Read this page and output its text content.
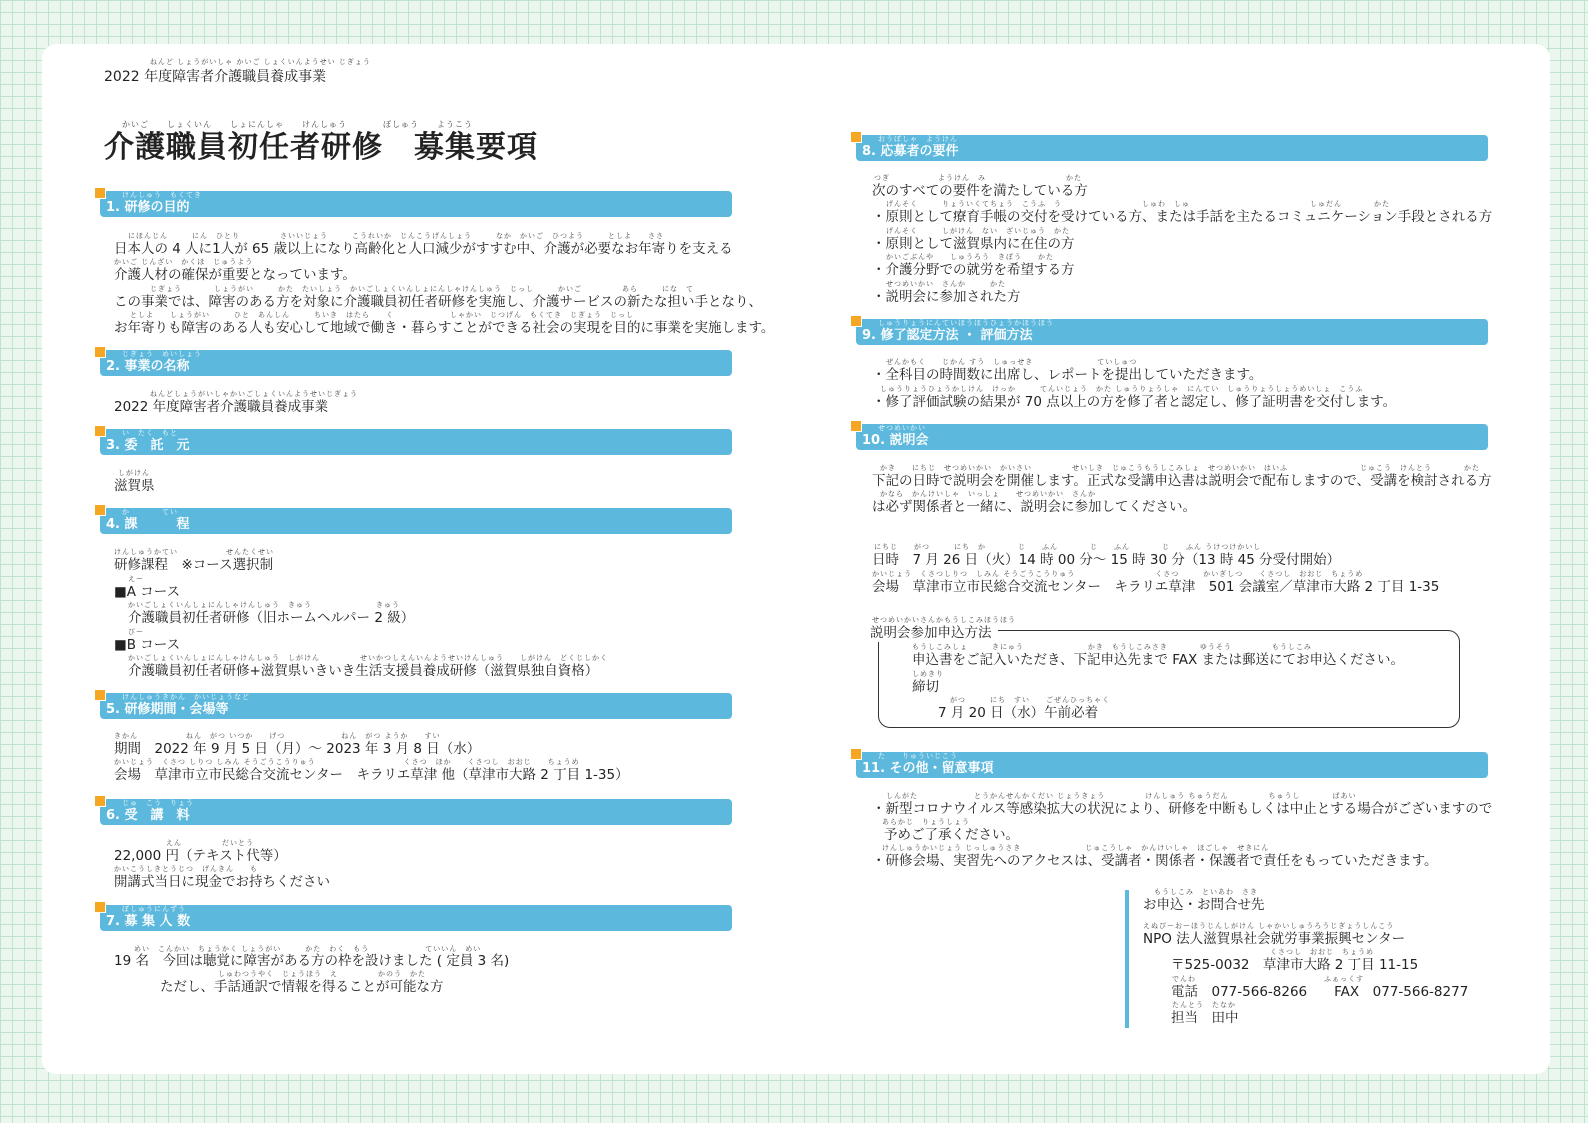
ねんど しょうがいしゃ かいご しょくいんようせい じぎょう
2022 年度障害者介護職員養成事業
かいご　　しょくいん　　しょにんしゃ　　けんしゅう　　　　ぼしゅう　　ようこう
介護職員初任者研修　募集要項
けんしゅう　もくてき
1. 研修の目的
にほんじん　　　にん　ひとり　　　　　さいいじょう　　　こうれいか　じんこうげんしょう　　　なか　かいご　ひつよう　　　としよ　　ささ
日本人の 4 人に1人が 65 歳以上になり高齢化と人口減少がすすむ中、介護が必要なお年寄りを支える
かいご じんざい　かくほ　じゅうよう
介護人材の確保が重要となっています。
じぎょう　　　　しょうがい　　　かた　たいしょう　かいごしょくいんしょにんしゃけんしゅう　じっし　　　かいご　　　　　あら　　　にな　て
この事業では、障害のある方を対象に介護職員初任者研修を実施し、介護サービスの新たな担い手となり、
としよ　　しょうがい　　　ひと　あんしん　　　ちいき　はたら　　く　　　　　　　しゃかい　じつげん　もくてき　じぎょう　じっし
お年寄りも障害のある人も安心して地域で働き・暮らすことができる社会の実現を目的に事業を実施します。
じぎょう　めいしょう
2. 事業の名称
ねんどしょうがいしゃかいごしょくいんようせいじぎょう
2022 年度障害者介護職員養成事業
い　たく　もと
3. 委　託　元
しがけん
滋賀県
か　　　　てい
4. 課　　　程
けんしゅうかてい　　　　　　せんたくせい
研修課程　※コース選択制
えー
■A コース
かいごしょくいんしょにんしゃけんしゅう　きゅう　　　　　　　　きゅう
介護職員初任者研修（旧ホームヘルパー 2 級）
びー
■B コース
かいごしょくいんしょにんしゃけんしゅう　しがけん　　　　　せいかつしえんいんようせいけんしゅう　　しがけん　どくじしかく
介護職員初任者研修+滋賀県いきいき生活支援員養成研修（滋賀県独自資格）
けんしゅうきかん　かいじょうなど
5. 研修期間・会場等
きかん　　　　　　ねん　がつ いつか　　げつ　　　　　　　ねん　がつ ようか　　すい
期間　2022 年 9 月 5 日（月）～ 2023 年 3 月 8 日（水）
かいじょう　くさつ しりつ しみん そうごうこうりゅう　　　　　　　　　　　くさつ　ほか　　くさつし　おおじ　　ちょうめ
会場　草津市立市民総合交流センター　キラリエ草津 他（草津市大路 2 丁目 1-35）
じゅ　こう　りょう
6. 受　講　料
えん　　　　　だいとう
22,000 円（テキスト代等）
かいこうしきとうじつ　げんきん　　も
開講式当日に現金でお持ちください
ぼしゅうにんずう
7. 募 集 人 数
めい　こんかい　ちょうかく しょうがい　　　かた　わく　もう　　　　　　　ていいん　めい
19 名　今回は聴覚に障害がある方の枠を設けました ( 定員 3 名)
しゅわつうやく　じょうほう　え　　　　　かのう　かた
ただし、手話通訳で情報を得ることが可能な方
おうぼしゃ　ようけん
8. 応募者の要件
つぎ　　　　　　ようけん　み　　　　　　　　　　かた
次のすべての要件を満たしている方
げんそく　　　りょういくてちょう　こうふ　う　　　　　　　　　　しゅわ　しゅ　　　　　　　　　　　　　　　しゅだん　　　　かた
・原則として療育手帳の交付を受けている方、または手話を主たるコミュニケーション手段とされる方
げんそく　　　しがけん　ない　ざいじゅう　かた
・原則として滋賀県内に在住の方
かいごぶんや　　しゅうろう　きぼう　　かた
・介護分野での就労を希望する方
せつめいかい　さんか　　　かた
・説明会に参加された方
しゅうりょうにんていほうほうひょうかほうほう
9. 修了認定方法 ・ 評価方法
ぜんかもく　　じかん すう　しゅっせき　　　　　　　　ていしゅつ
・全科目の時間数に出席し、レポートを提出していただきます。
しゅうりょうひょうかしけん　けっか　　　てんいじょう　かた しゅうりょうしゃ　にんてい　しゅうりょうしょうめいしょ　こうふ
・修了評価試験の結果が 70 点以上の方を修了者と認定し、修了証明書を交付します。
せつめいかい
10. 説明会
かき　　にちじ　せつめいかい　かいさい　　　　　せいしき　じゅこうもうしこみしょ　せつめいかい　はいふ　　　　　　　　　じゅこう　けんとう　　　　かた
下記の日時で説明会を開催します。正式な受講申込書は説明会で配布しますので、受講を検討される方
かなら　かんけいしゃ　いっしょ　　せつめいかい　さんか
は必ず関係者と一緒に、説明会に参加してください。
にちじ　　がつ　　　にち　か　　　　じ　　ふん　　　　じ　　ふん　　　　じ　　ふん うけつけかいし
日時　7 月 26 日（火）14 時 00 分～ 15 時 30 分（13 時 45 分受付開始）
かいじょう　くさつしりつ　しみん そうごうこうりゅう　　　　　　　　　　くさつ　　　かいぎしつ　　くさつし　おおじ　ちょうめ
会場　草津市立市民総合交流センター　キラリエ草津　501 会議室／草津市大路 2 丁目 1-35
せつめいかいさんかもうしこみほうほう
説明会参加申込方法
もうしこみしょ　　　きにゅう　　　　　　　　かき　もうしこみさき　　　　ゆうそう　　　　　もうしこみ
申込書をご記入いただき、下記申込先まで FAX または郵送にてお申込ください。
しめきり
締切
がつ　　　にち　すい　　ごぜんひっちゃく
7 月 20 日（水）午前必着
た　　りゅういじこう
11. その他・留意事項
しんがた　　　　　　　とうかんせんかくだい じょうきょう　　　　　けんしゅう ちゅうだん　　　　　ちゅうし　　　　ばあい
・新型コロナウイルス等感染拡大の状況により、研修を中断もしくは中止とする場合がございますので
あらかじ　りょうしょう
予めご了承ください。
けんしゅうかいじょう じっしゅうさき　　　　　　　　じゅこうしゃ　かんけいしゃ　ほごしゃ　せきにん
・研修会場、実習先へのアクセスは、受講者・関係者・保護者で責任をもっていただきます。
もうしこみ　といあわ　さき
お申込・お問合せ先
えぬぴーおーほうじんしがけん しゃかいしゅうろうじぎょうしんこう
NPO 法人滋賀県社会就労事業振興センター
くさつし　おおじ　ちょうめ
〒525-0032　草津市大路 2 丁目 11-15
でんわ　　　　　　　　　　　　　　　　ふぁっくす
電話　077-566-8266　　FAX　077-566-8277
たんとう　たなか
担当　田中
